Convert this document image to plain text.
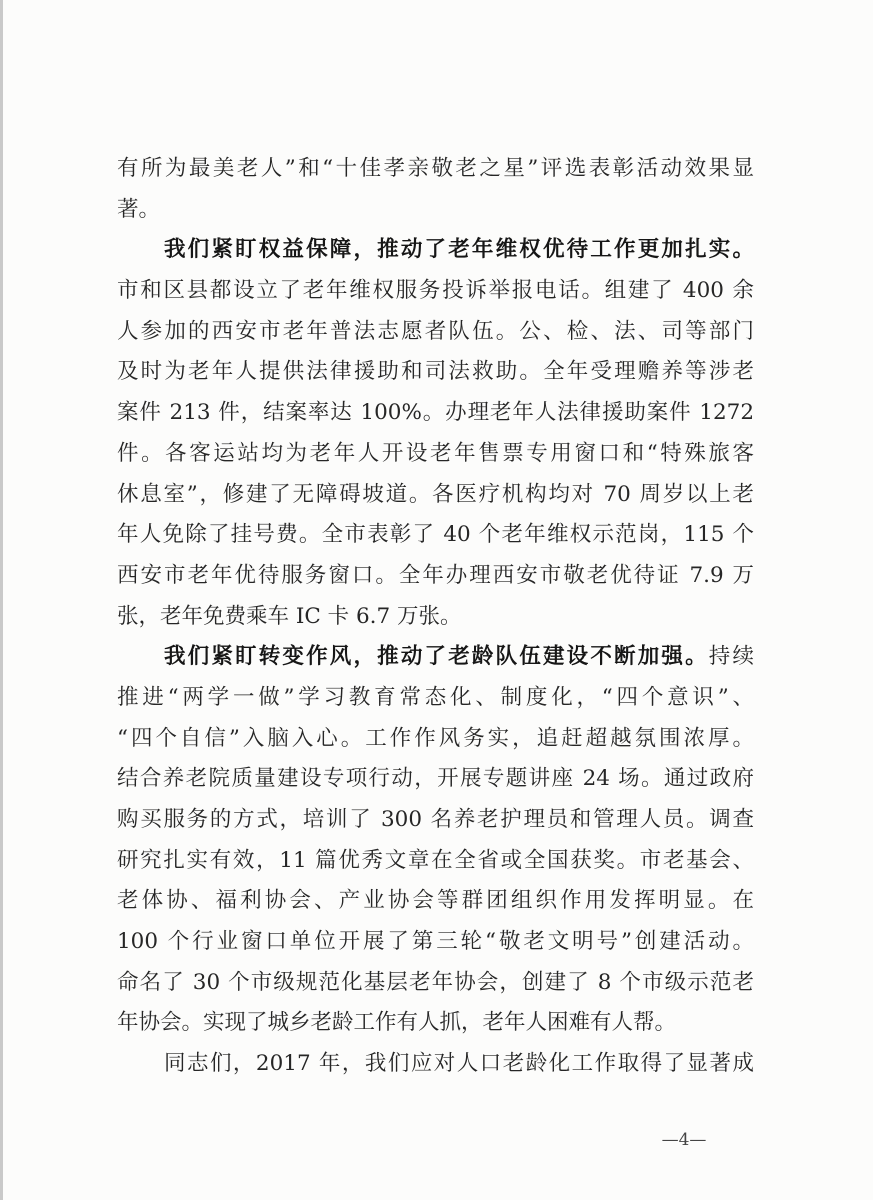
有所为最美老人”和“十佳孝亲敬老之星”评选表彰活动效果显
著。
我们紧盯权益保障，推动了老年维权优待工作更加扎实。
市和区县都设立了老年维权服务投诉举报电话。组建了 400 余
人参加的西安市老年普法志愿者队伍。公、检、法、司等部门
及时为老年人提供法律援助和司法救助。全年受理赡养等涉老
案件 213 件，结案率达 100%。办理老年人法律援助案件 1272
件。各客运站均为老年人开设老年售票专用窗口和“特殊旅客
休息室”，修建了无障碍坡道。各医疗机构均对 70 周岁以上老
年人免除了挂号费。全市表彰了 40 个老年维权示范岗，115 个
西安市老年优待服务窗口。全年办理西安市敬老优待证 7.9 万
张，老年免费乘车 IC 卡 6.7 万张。
我们紧盯转变作风，推动了老龄队伍建设不断加强。持续
推进“两学一做”学习教育常态化、制度化，“四个意识”、
“四个自信”入脑入心。工作作风务实，追赶超越氛围浓厚。
结合养老院质量建设专项行动，开展专题讲座 24 场。通过政府
购买服务的方式，培训了 300 名养老护理员和管理人员。调查
研究扎实有效，11 篇优秀文章在全省或全国获奖。市老基会、
老体协、福利协会、产业协会等群团组织作用发挥明显。在
100 个行业窗口单位开展了第三轮“敬老文明号”创建活动。
命名了 30 个市级规范化基层老年协会，创建了 8 个市级示范老
年协会。实现了城乡老龄工作有人抓，老年人困难有人帮。
同志们，2017 年，我们应对人口老龄化工作取得了显著成
—4—
